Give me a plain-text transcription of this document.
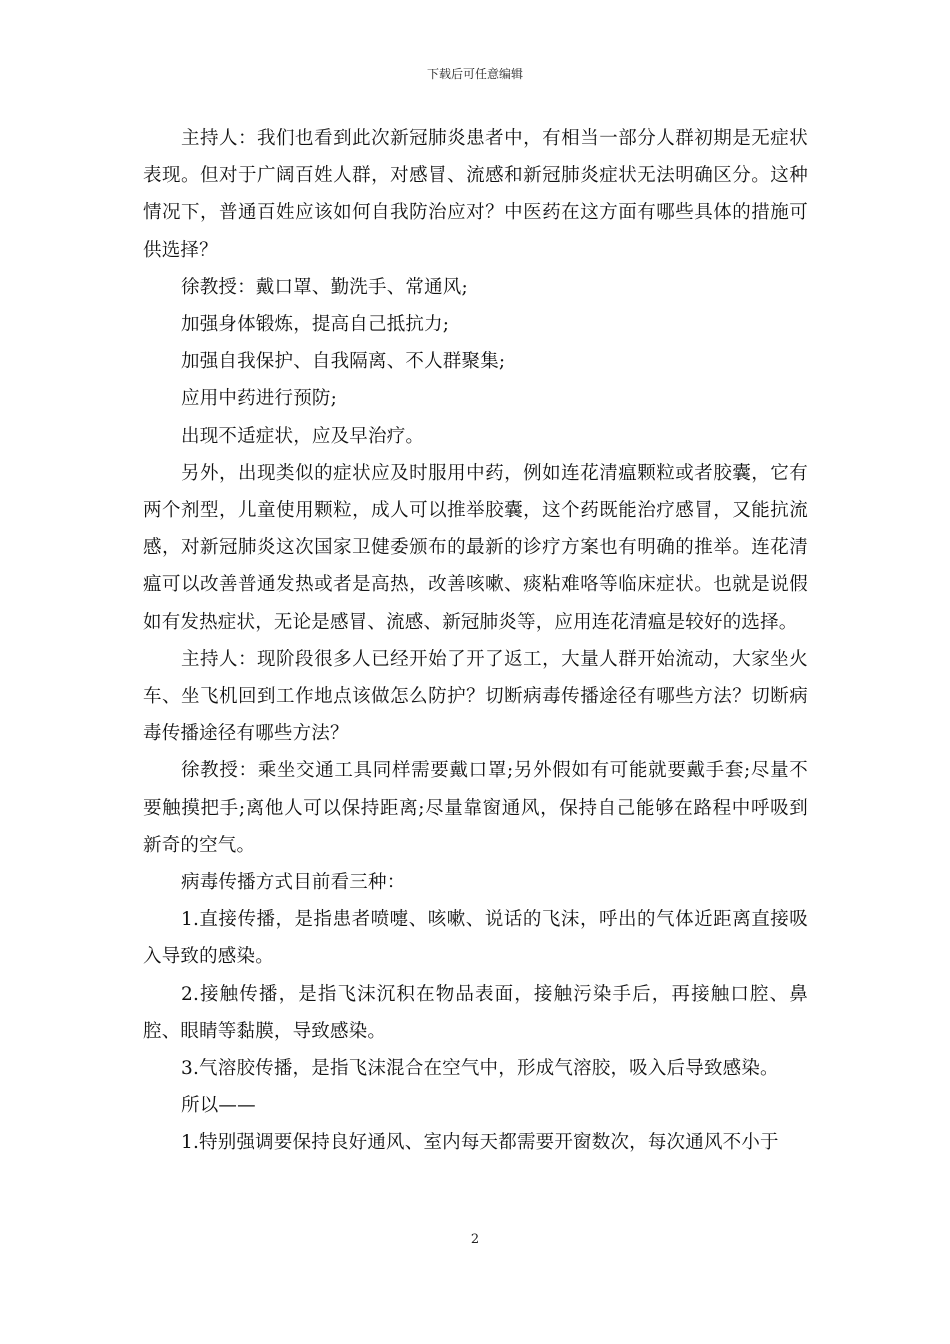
下载后可任意编辑

主持人：我们也看到此次新冠肺炎患者中，有相当一部分人群初期是无症状表现。但对于广阔百姓人群，对感冒、流感和新冠肺炎症状无法明确区分。这种情况下，普通百姓应该如何自我防治应对？中医药在这方面有哪些具体的措施可供选择？

徐教授：戴口罩、勤洗手、常通风;

加强身体锻炼，提高自己抵抗力;

加强自我保护、自我隔离、不人群聚集;

应用中药进行预防;

出现不适症状，应及早治疗。

另外，出现类似的症状应及时服用中药，例如连花清瘟颗粒或者胶囊，它有两个剂型，儿童使用颗粒，成人可以推举胶囊，这个药既能治疗感冒，又能抗流感，对新冠肺炎这次国家卫健委颁布的最新的诊疗方案也有明确的推举。连花清瘟可以改善普通发热或者是高热，改善咳嗽、痰粘难咯等临床症状。也就是说假如有发热症状，无论是感冒、流感、新冠肺炎等，应用连花清瘟是较好的选择。

主持人：现阶段很多人已经开始了开了返工，大量人群开始流动，大家坐火车、坐飞机回到工作地点该做怎么防护？切断病毒传播途径有哪些方法？切断病毒传播途径有哪些方法？

徐教授：乘坐交通工具同样需要戴口罩;另外假如有可能就要戴手套;尽量不要触摸把手;离他人可以保持距离;尽量靠窗通风，保持自己能够在路程中呼吸到新奇的空气。

病毒传播方式目前看三种：

1.直接传播，是指患者喷嚏、咳嗽、说话的飞沫，呼出的气体近距离直接吸入导致的感染。

2.接触传播，是指飞沫沉积在物品表面，接触污染手后，再接触口腔、鼻腔、眼睛等黏膜，导致感染。

3.气溶胶传播，是指飞沫混合在空气中，形成气溶胶，吸入后导致感染。

所以——

1.特别强调要保持良好通风、室内每天都需要开窗数次，每次通风不小于

2
